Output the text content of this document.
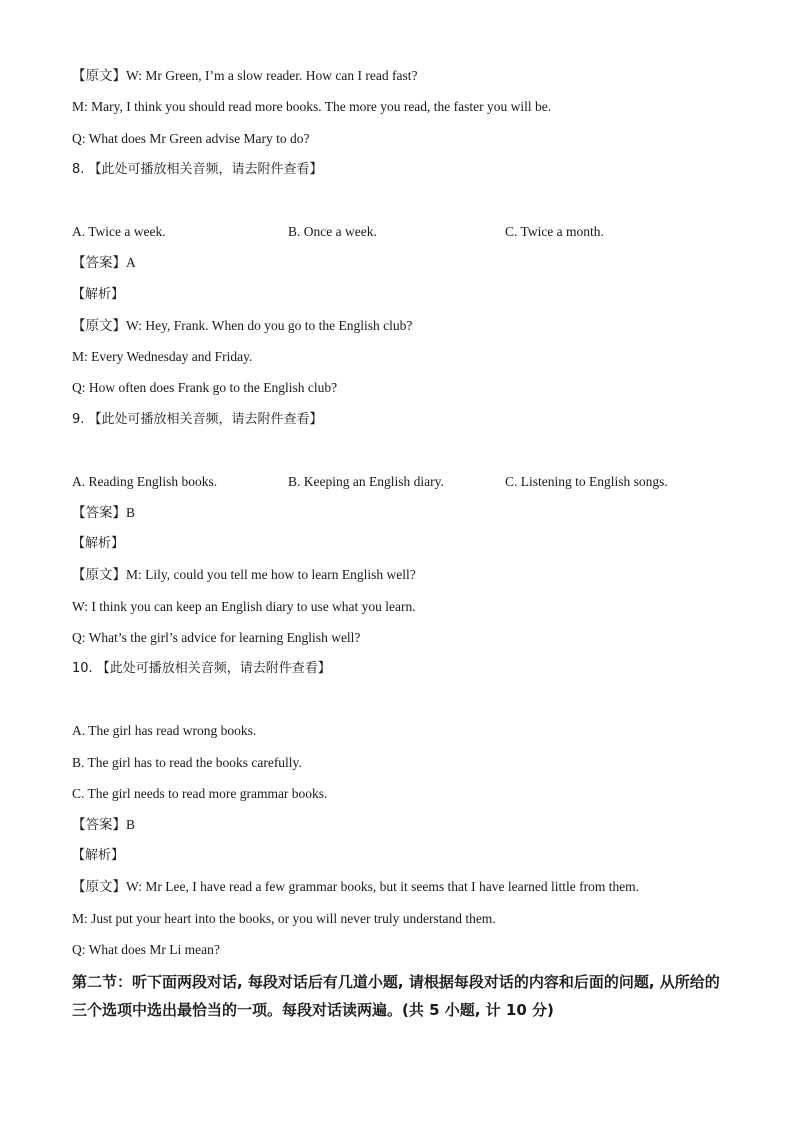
【原文】W: Mr Green, I’m a slow reader. How can I read fast?
M: Mary, I think you should read more books. The more you read, the faster you will be.
Q: What does Mr Green advise Mary to do?
8. 【此处可播放相关音频，请去附件查看】
A. Twice a week.	B. Once a week.	C. Twice a month.
【答案】A
【解析】
【原文】W: Hey, Frank. When do you go to the English club?
M: Every Wednesday and Friday.
Q: How often does Frank go to the English club?
9. 【此处可播放相关音频，请去附件查看】
A. Reading English books.	B. Keeping an English diary.	C. Listening to English songs.
【答案】B
【解析】
【原文】M: Lily, could you tell me how to learn English well?
W: I think you can keep an English diary to use what you learn.
Q: What’s the girl’s advice for learning English well?
10. 【此处可播放相关音频，请去附件查看】
A. The girl has read wrong books.
B. The girl has to read the books carefully.
C. The girl needs to read more grammar books.
【答案】B
【解析】
【原文】W: Mr Lee, I have read a few grammar books, but it seems that I have learned little from them.
M: Just put your heart into the books, or you will never truly understand them.
Q: What does Mr Li mean?
第二节：听下面两段对话, 每段对话后有几道小题, 请根据每段对话的内容和后面的问题, 从所给的三个选项中选出最恰当的一项。每段对话读两遍。(共 5 小题, 计 10 分)
